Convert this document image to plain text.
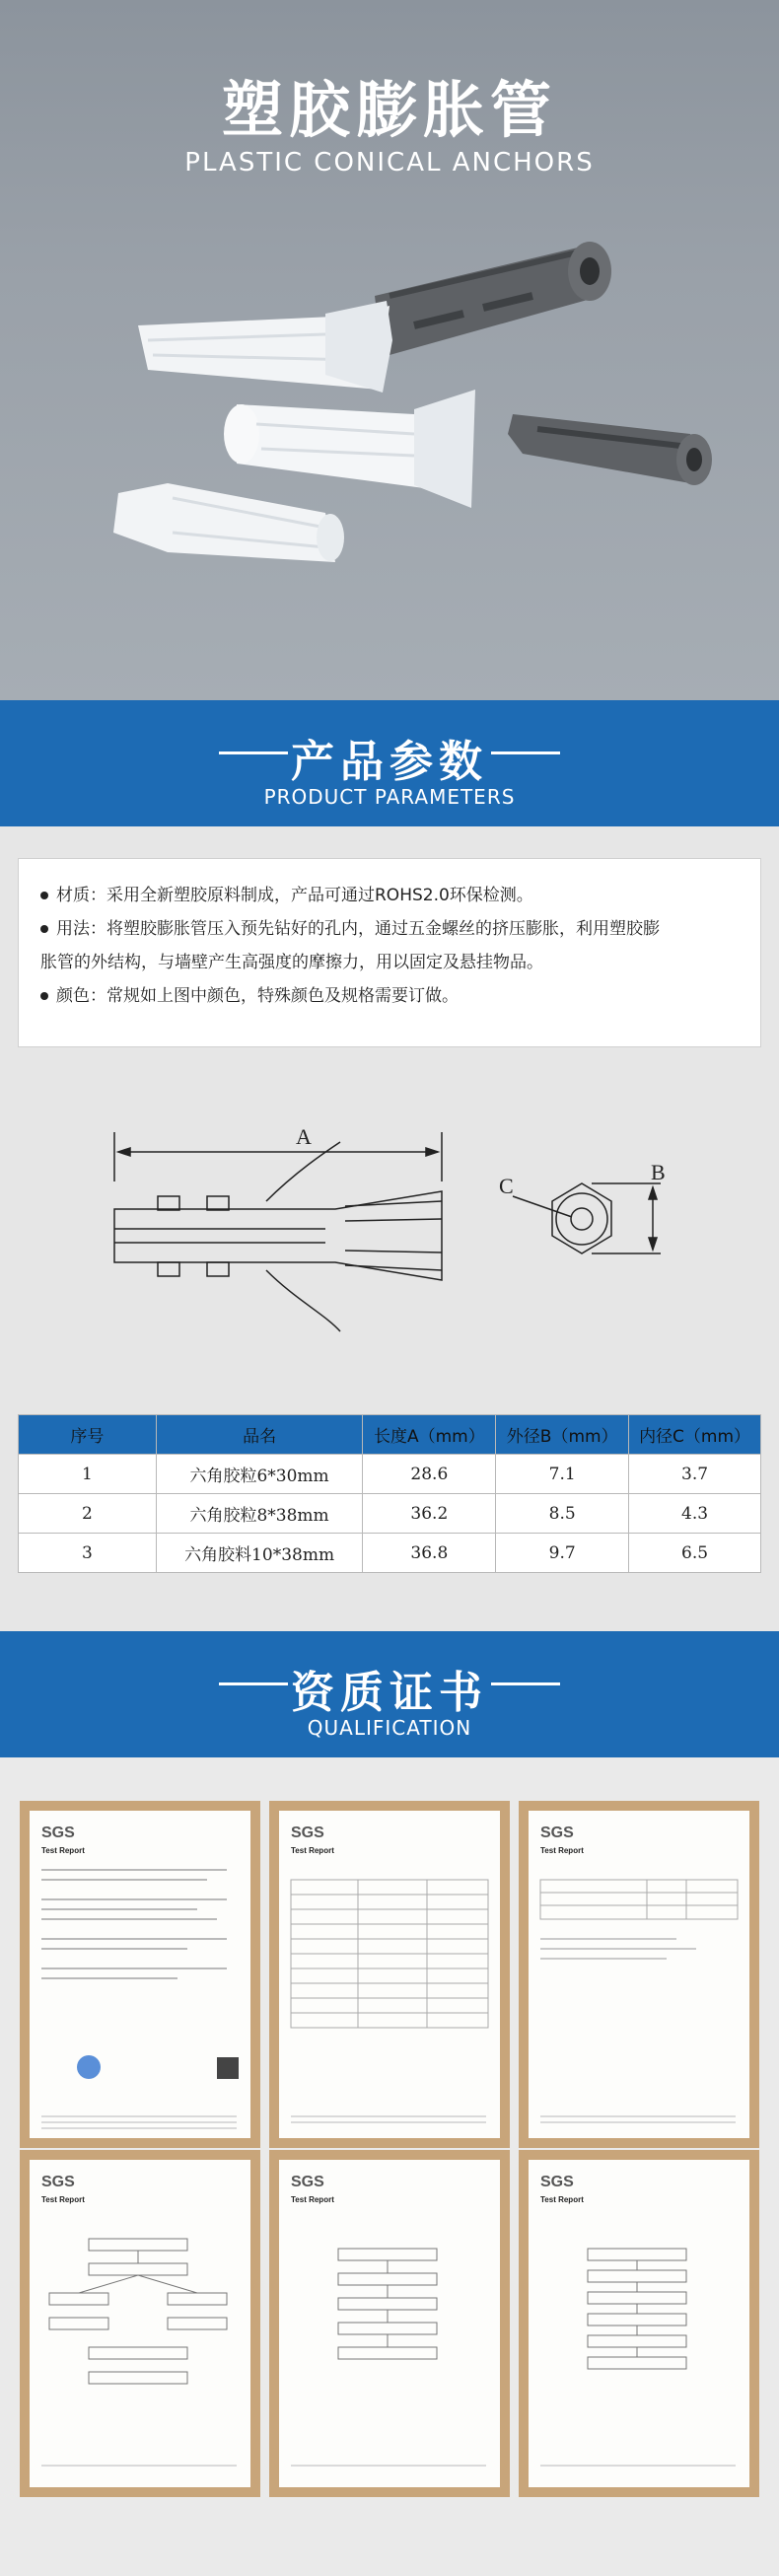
塑胶膨胀管
PLASTIC CONICAL ANCHORS
产品参数
PRODUCT PARAMETERS
材质：采用全新塑胶原料制成，产品可通过ROHS2.0环保检测。
用法：将塑胶膨胀管压入预先钻好的孔内，通过五金螺丝的挤压膨胀，利用塑胶膨
胀管的外结构，与墙壁产生高强度的摩擦力，用以固定及悬挂物品。
颜色：常规如上图中颜色，特殊颜色及规格需要订做。
A
C
B
序号	品名	长度A（mm）	外径B（mm）	内径C（mm）
1	六角胶粒6*30mm	28.6	7.1	3.7
2	六角胶粒8*38mm	36.2	8.5	4.3
3	六角胶料10*38mm	36.8	9.7	6.5
资质证书
QUALIFICATION
SGS
Test Report
SGS
Test Report
SGS
Test Report
SGS
Test Report
SGS
Test Report
SGS
Test Report
